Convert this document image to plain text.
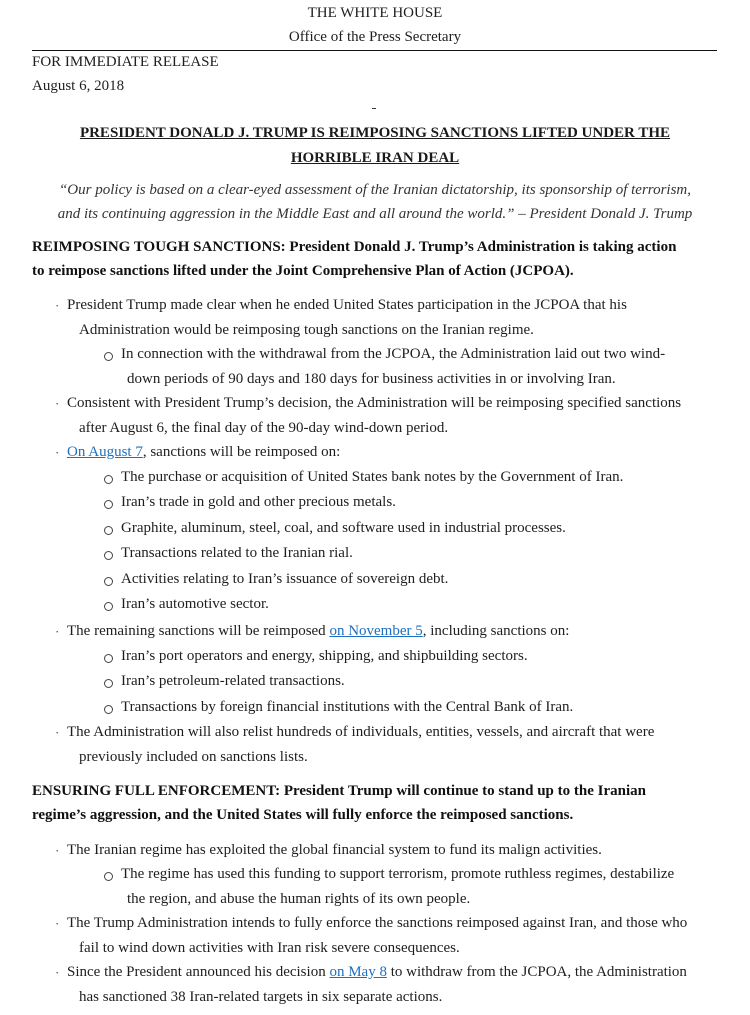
THE WHITE HOUSE
Office of the Press Secretary
FOR IMMEDIATE RELEASE
August 6, 2018
PRESIDENT DONALD J. TRUMP IS REIMPOSING SANCTIONS LIFTED UNDER THE
HORRIBLE IRAN DEAL
“Our policy is based on a clear-eyed assessment of the Iranian dictatorship, its sponsorship of terrorism,
and its continuing aggression in the Middle East and all around the world.” – President Donald J. Trump
REIMPOSING TOUGH SANCTIONS: President Donald J. Trump’s Administration is taking action
to reimpose sanctions lifted under the Joint Comprehensive Plan of Action (JCPOA).
· President Trump made clear when he ended United States participation in the JCPOA that his
Administration would be reimposing tough sanctions on the Iranian regime.
In connection with the withdrawal from the JCPOA, the Administration laid out two wind-
down periods of 90 days and 180 days for business activities in or involving Iran.
· Consistent with President Trump’s decision, the Administration will be reimposing specified sanctions
after August 6, the final day of the 90-day wind-down period.
· On August 7, sanctions will be reimposed on:
The purchase or acquisition of United States bank notes by the Government of Iran.
Iran’s trade in gold and other precious metals.
Graphite, aluminum, steel, coal, and software used in industrial processes.
Transactions related to the Iranian rial.
Activities relating to Iran’s issuance of sovereign debt.
Iran’s automotive sector.
· The remaining sanctions will be reimposed on November 5, including sanctions on:
Iran’s port operators and energy, shipping, and shipbuilding sectors.
Iran’s petroleum-related transactions.
Transactions by foreign financial institutions with the Central Bank of Iran.
· The Administration will also relist hundreds of individuals, entities, vessels, and aircraft that were
previously included on sanctions lists.
ENSURING FULL ENFORCEMENT: President Trump will continue to stand up to the Iranian
regime’s aggression, and the United States will fully enforce the reimposed sanctions.
· The Iranian regime has exploited the global financial system to fund its malign activities.
The regime has used this funding to support terrorism, promote ruthless regimes, destabilize
the region, and abuse the human rights of its own people.
· The Trump Administration intends to fully enforce the sanctions reimposed against Iran, and those who
fail to wind down activities with Iran risk severe consequences.
· Since the President announced his decision on May 8 to withdraw from the JCPOA, the Administration
has sanctioned 38 Iran-related targets in six separate actions.
